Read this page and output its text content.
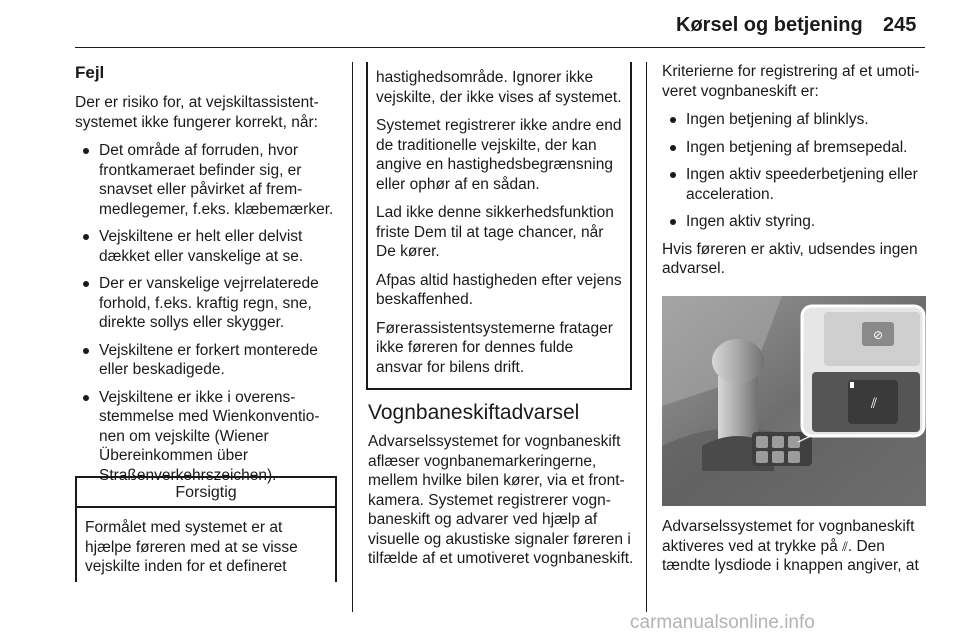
Kørsel og betjening 245
Fejl

Der er risiko for, at vejskiltassistentsystemet ikke fungerer korrekt, når:

Det område af forruden, hvor frontkameraet befinder sig, er snavset eller påvirket af fremmedlegemer, f.eks. klæbemærker.
Vejskiltene er helt eller delvist dækket eller vanskelige at se.
Der er vanskelige vejrrelaterede forhold, f.eks. kraftig regn, sne, direkte sollys eller skygger.
Vejskiltene er forkert monterede eller beskadigede.
Vejskiltene er ikke i overensstemmelse med Wienkonventionen om vejskilte (Wiener Übereinkommen über Straßenverkehrszeichen).
Forsigtig
Formålet med systemet er at hjælpe føreren med at se visse vejskilte inden for et defineret

hastighedsområde. Ignorer ikke vejskilte, der ikke vises af systemet.

Systemet registrerer ikke andre end de traditionelle vejskilte, der kan angive en hastighedsbegrænsning eller ophør af en sådan.

Lad ikke denne sikkerhedsfunktion friste Dem til at tage chancer, når De kører.

Afpas altid hastigheden efter vejens beskaffenhed.

Førerassistentsystemerne fratager ikke føreren for dennes fulde ansvar for bilens drift.

Vognbaneskiftadvarsel

Advarselssystemet for vognbaneskift aflæser vognbanemarkeringerne, mellem hvilke bilen kører, via et frontkamera. Systemet registrerer vognbaneskift og advarer ved hjælp af visuelle og akustiske signaler føreren i tilfælde af et umotiveret vognbaneskift.

Kriterierne for registrering af et umotiveret vognbaneskift er:

Ingen betjening af blinklys.
Ingen betjening af bremsepedal.
Ingen aktiv speederbetjening eller acceleration.
Ingen aktiv styring.

Hvis føreren er aktiv, udsendes ingen advarsel.

⊘
⫽

Advarselssystemet for vognbaneskift aktiveres ved at trykke på ⫽. Den tændte lysdiode i knappen angiver, at

carmanualsonline.info
